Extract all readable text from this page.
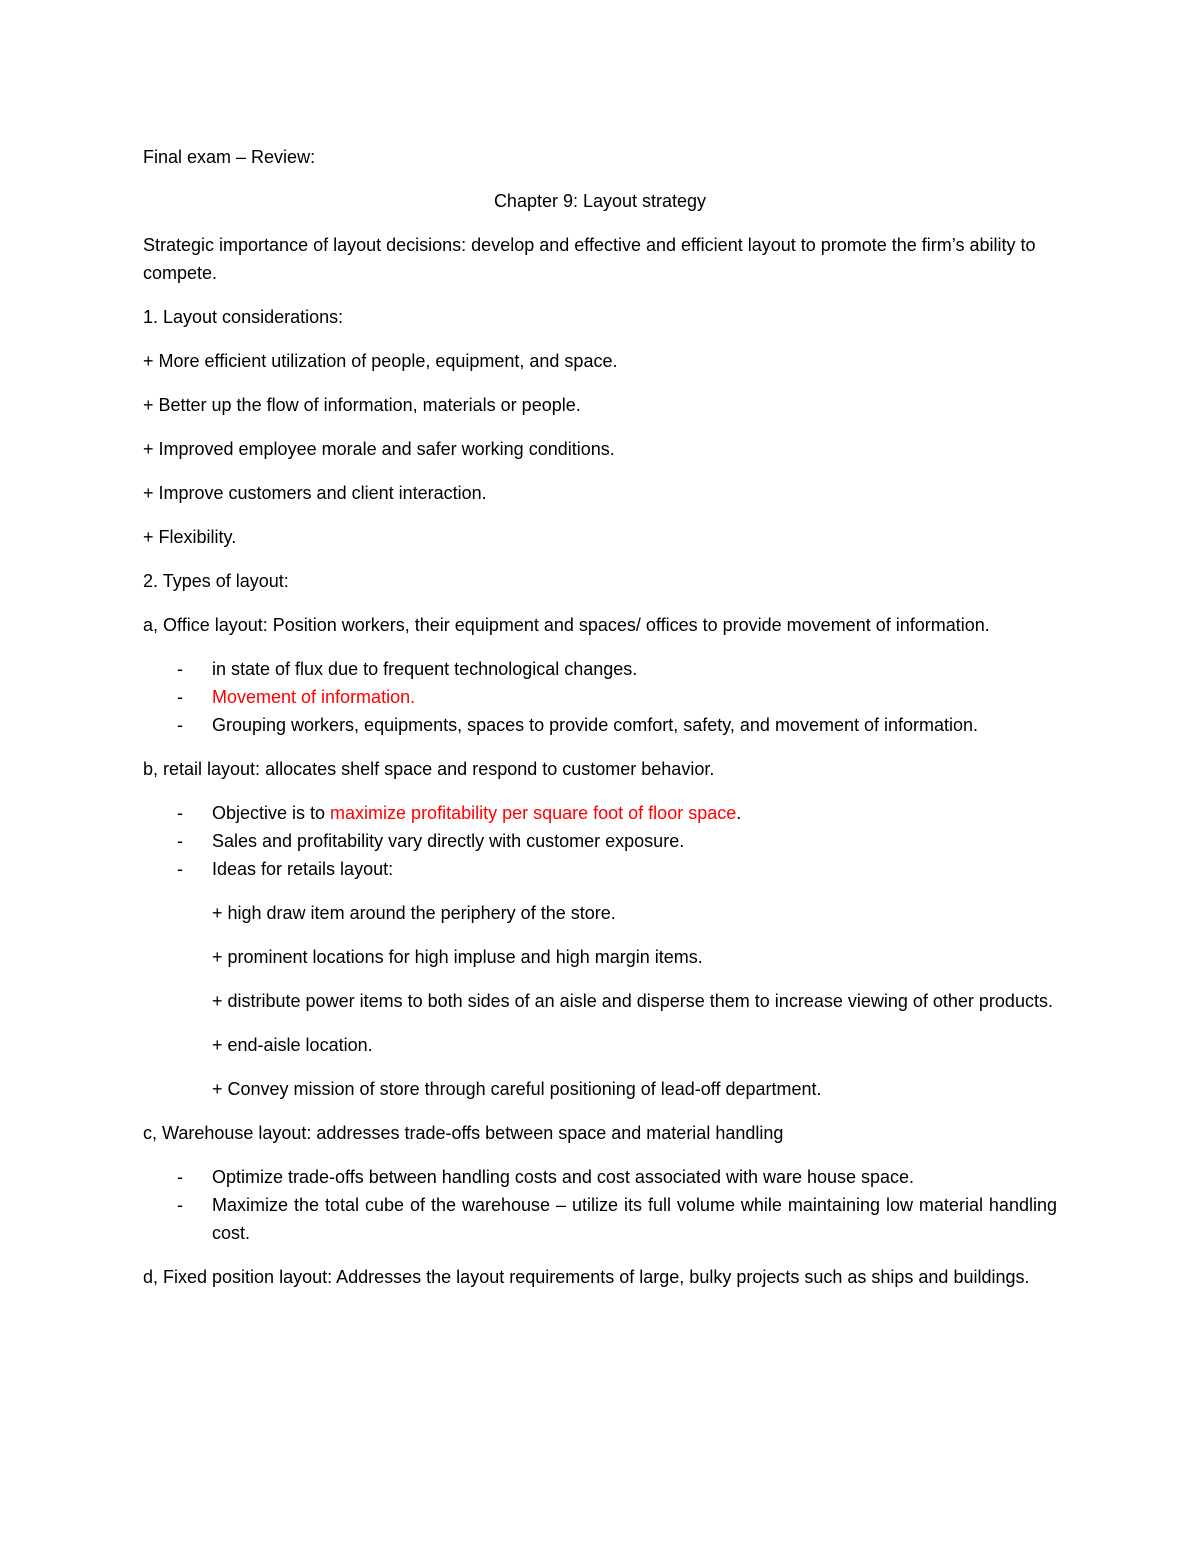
Final exam – Review:

Chapter 9: Layout strategy

Strategic importance of layout decisions: develop and effective and efficient layout to promote the firm’s ability to compete.

1. Layout considerations:

+ More efficient utilization of people, equipment, and space.

+ Better up the flow of information, materials or people.

+ Improved employee morale and safer working conditions.

+ Improve customers and client interaction.

+ Flexibility.

2. Types of layout:

a, Office layout: Position workers, their equipment and spaces/ offices to provide movement of information.

- in state of flux due to frequent technological changes.
- Movement of information.
- Grouping workers, equipments, spaces to provide comfort, safety, and movement of information.

b, retail layout: allocates shelf space and respond to customer behavior.

- Objective is to maximize profitability per square foot of floor space.
- Sales and profitability vary directly with customer exposure.
- Ideas for retails layout:

+ high draw item around the periphery of the store.

+ prominent locations for high impluse and high margin items.

+ distribute power items to both sides of an aisle and disperse them to increase viewing of other products.

+ end-aisle location.

+ Convey mission of store through careful positioning of lead-off department.

c, Warehouse layout: addresses trade-offs between space and material handling

- Optimize trade-offs between handling costs and cost associated with ware house space.
- Maximize the total cube of the warehouse – utilize its full volume while maintaining low material handling cost.

d, Fixed position layout: Addresses the layout requirements of large, bulky projects such as ships and buildings.
